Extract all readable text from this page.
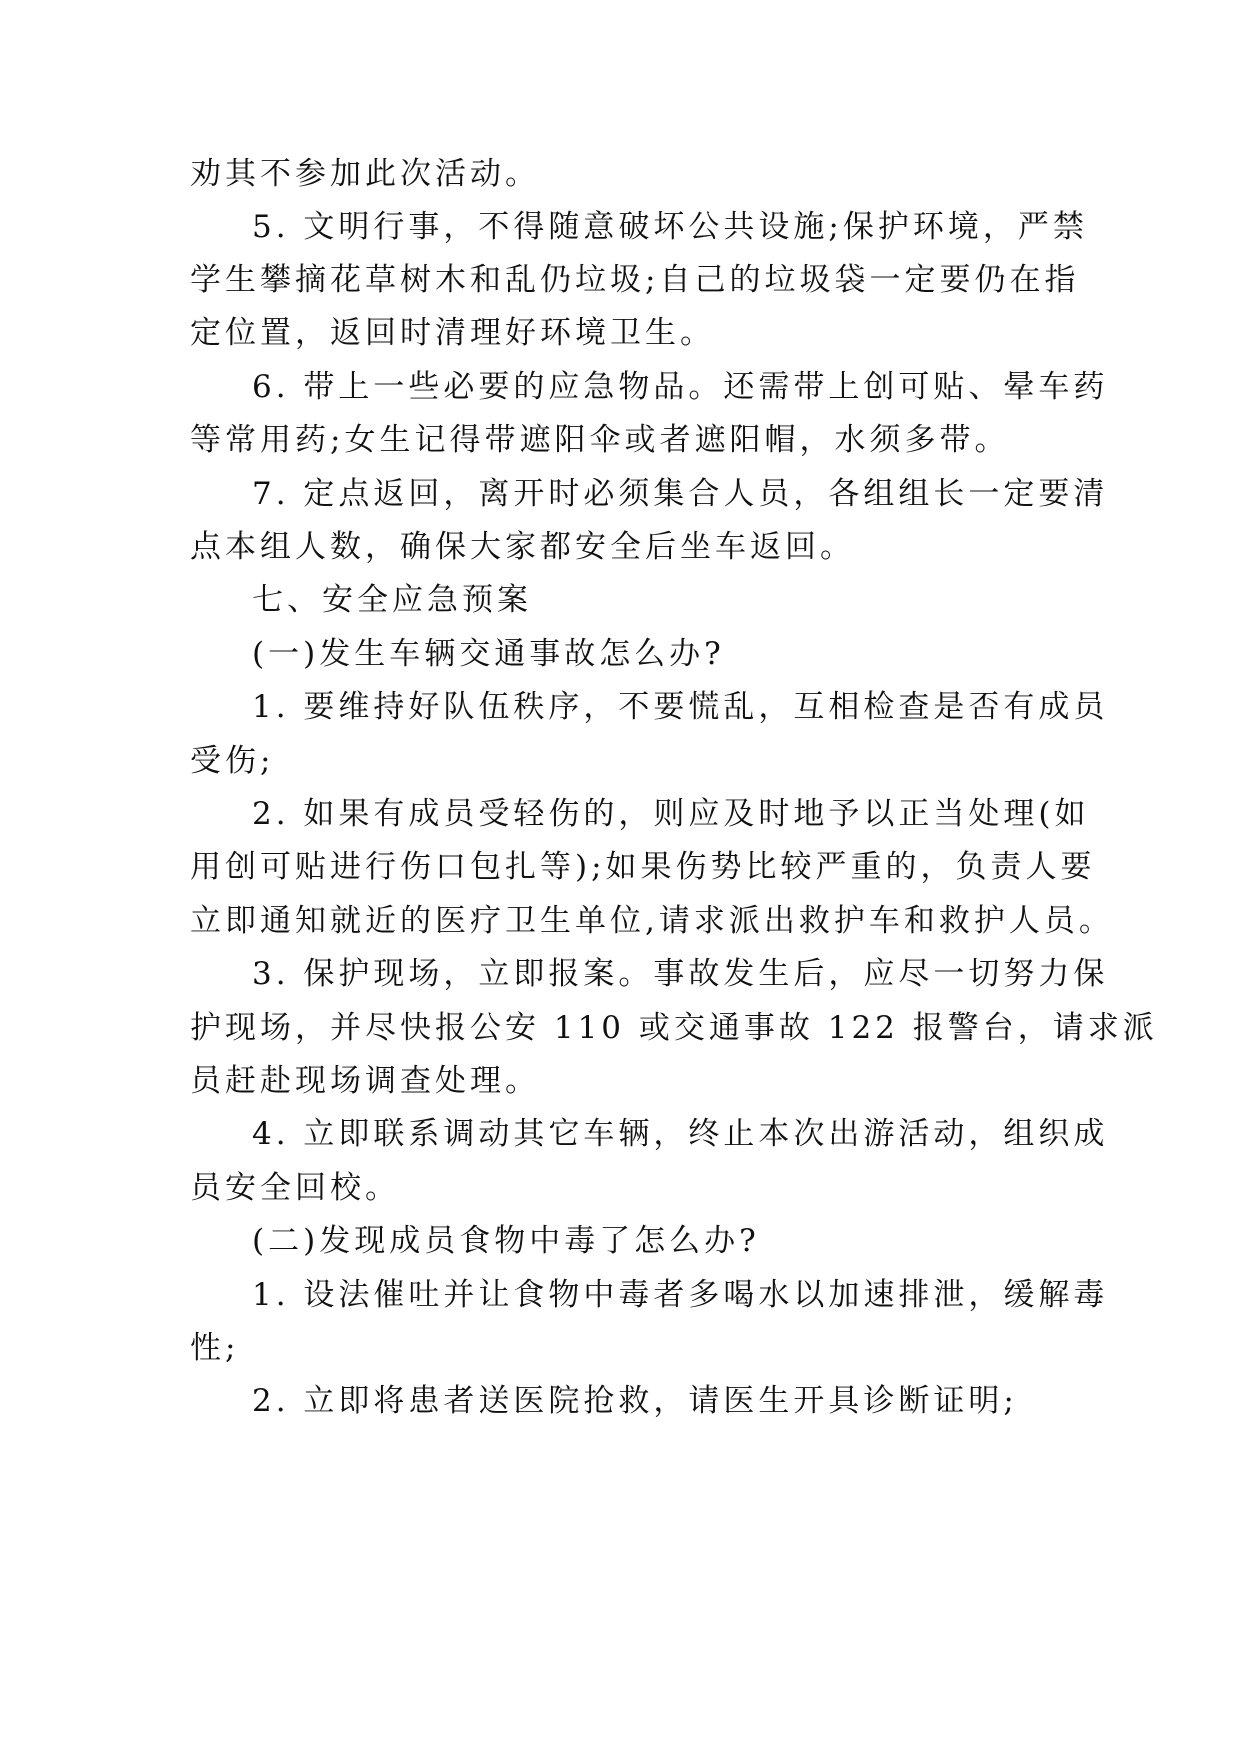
劝其不参加此次活动。
5. 文明行事，不得随意破坏公共设施;保护环境，严禁
学生攀摘花草树木和乱仍垃圾;自己的垃圾袋一定要仍在指
定位置，返回时清理好环境卫生。
6. 带上一些必要的应急物品。还需带上创可贴、晕车药
等常用药;女生记得带遮阳伞或者遮阳帽，水须多带。
7. 定点返回，离开时必须集合人员，各组组长一定要清
点本组人数，确保大家都安全后坐车返回。
七、安全应急预案
(一)发生车辆交通事故怎么办?
1. 要维持好队伍秩序，不要慌乱，互相检查是否有成员
受伤;
2. 如果有成员受轻伤的，则应及时地予以正当处理(如
用创可贴进行伤口包扎等);如果伤势比较严重的，负责人要
立即通知就近的医疗卫生单位,请求派出救护车和救护人员。
3. 保护现场，立即报案。事故发生后，应尽一切努力保
护现场，并尽快报公安 110 或交通事故 122 报警台，请求派
员赶赴现场调查处理。
4. 立即联系调动其它车辆，终止本次出游活动，组织成
员安全回校。
(二)发现成员食物中毒了怎么办?
1. 设法催吐并让食物中毒者多喝水以加速排泄，缓解毒
性;
2. 立即将患者送医院抢救，请医生开具诊断证明;
